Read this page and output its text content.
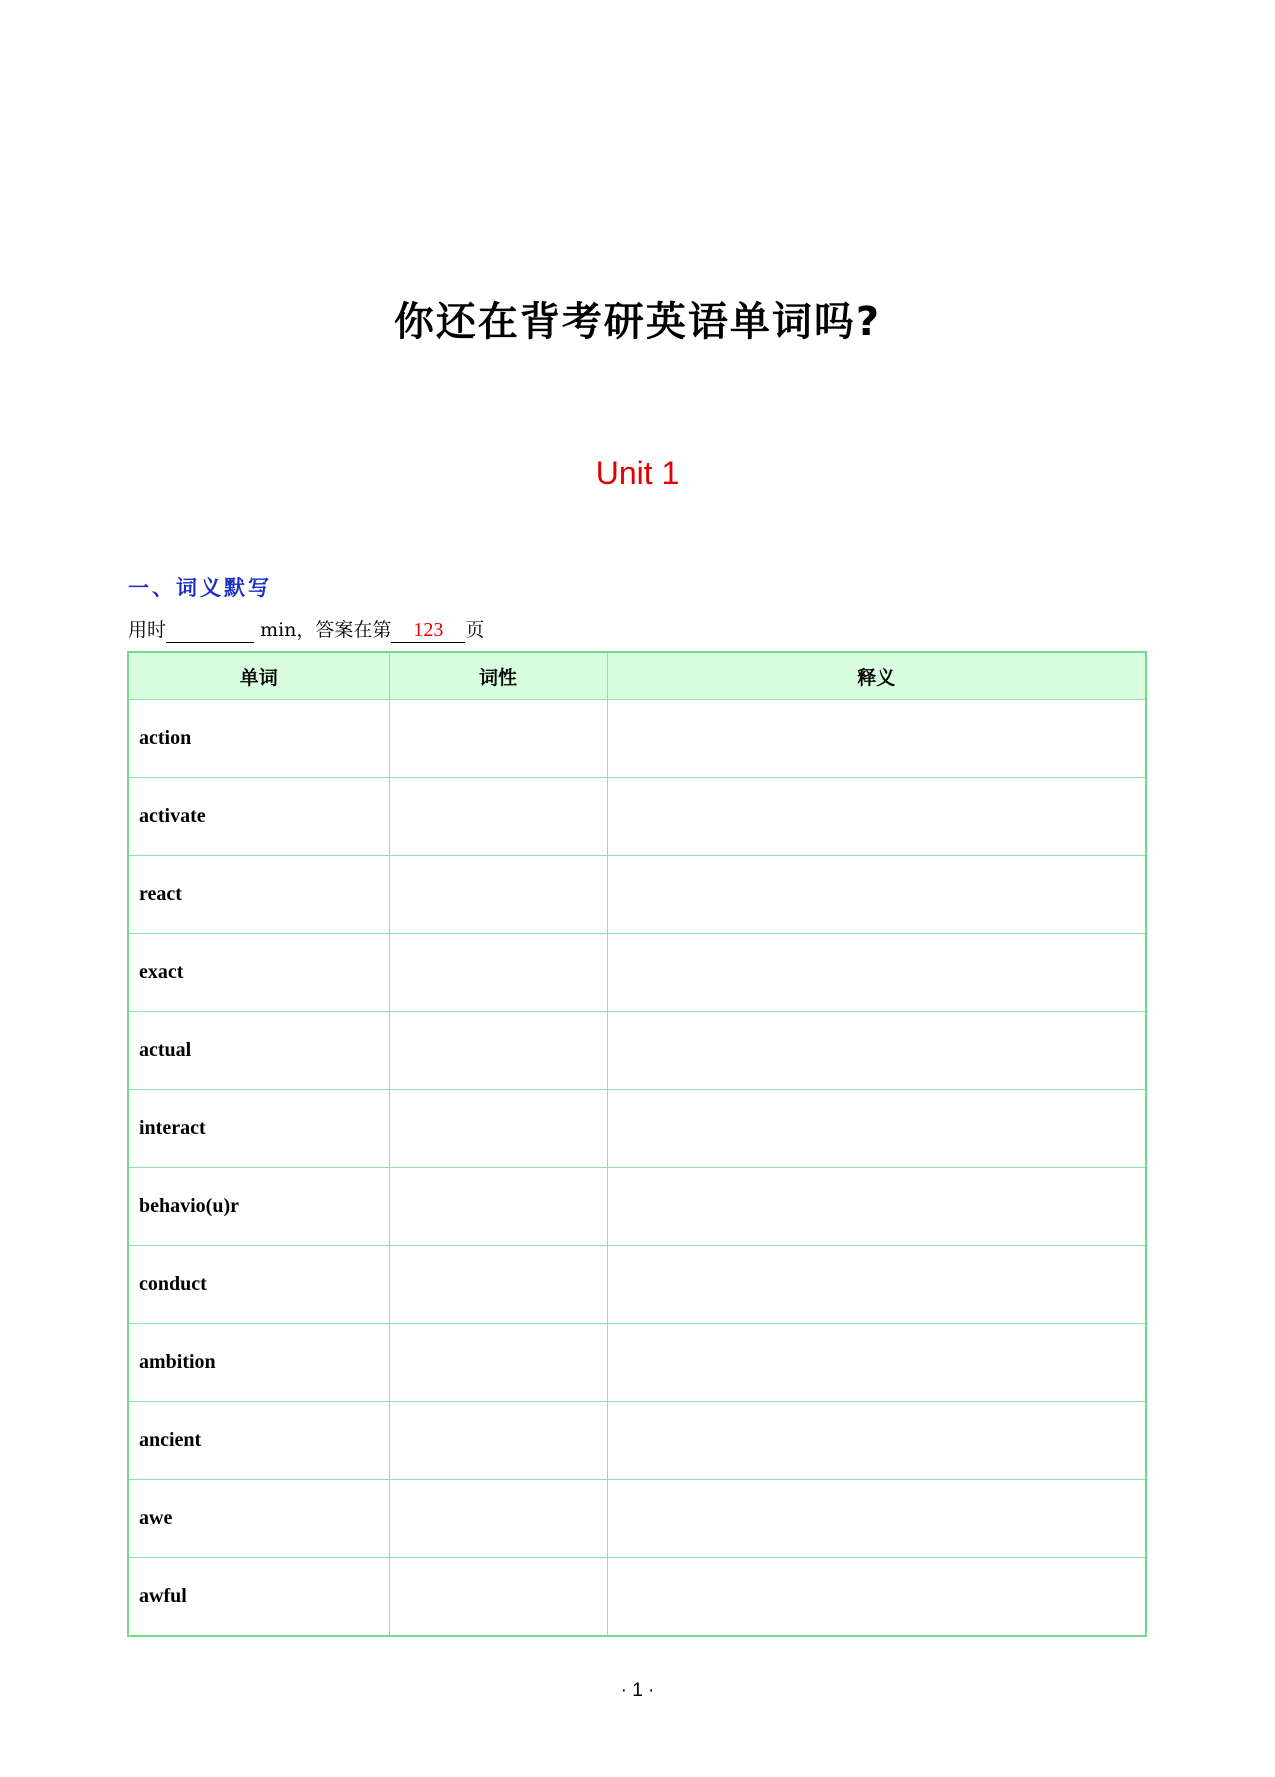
你还在背考研英语单词吗?
Unit 1
一、词义默写
用时	min，答案在第 123 页
单词	词性	释义
action		
activate		
react		
exact		
actual		
interact		
behavio(u)r		
conduct		
ambition		
ancient		
awe		
awful		
· 1 ·
